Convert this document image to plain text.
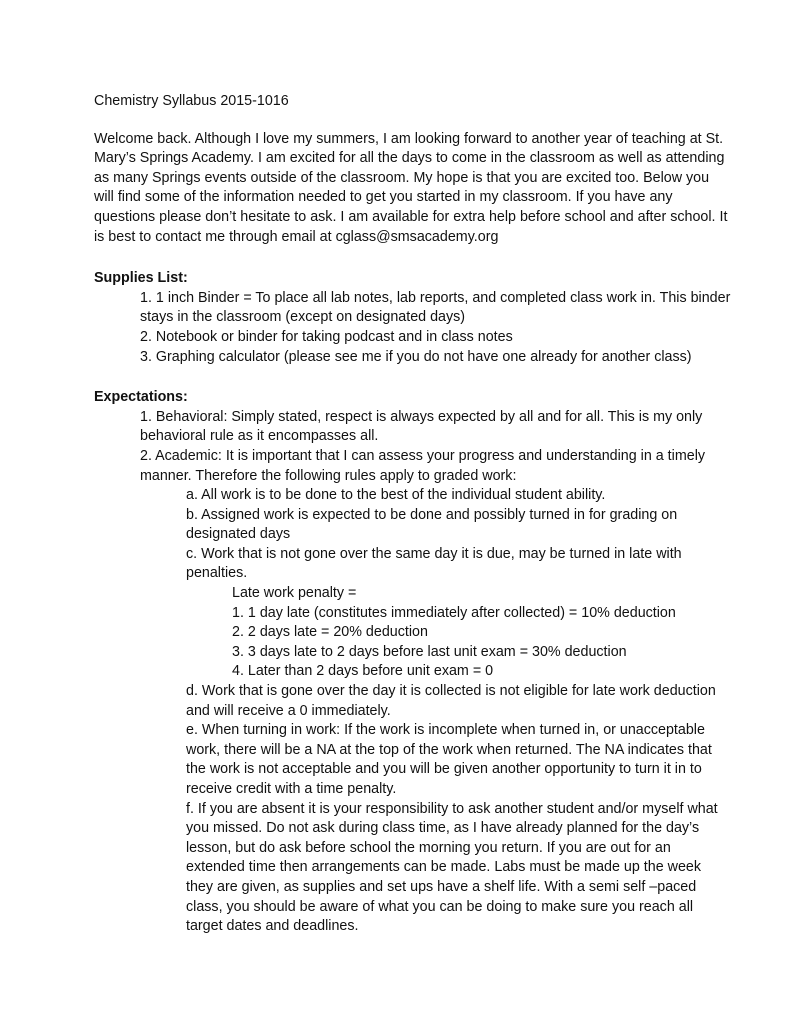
Chemistry Syllabus 2015-1016

Welcome back. Although I love my summers, I am looking forward to another year of teaching at St. Mary’s Springs Academy. I am excited for all the days to come in the classroom as well as attending as many Springs events outside of the classroom. My hope is that you are excited too. Below you will find some of the information needed to get you started in my classroom. If you have any questions please don’t hesitate to ask. I am available for extra help before school and after school. It is best to contact me through email at cglass@smsacademy.org

Supplies List:

1. 1 inch Binder = To place all lab notes, lab reports, and completed class work in. This binder stays in the classroom (except on designated days)

2. Notebook or binder for taking podcast and in class notes

3. Graphing calculator (please see me if you do not have one already for another class)

Expectations:

1. Behavioral: Simply stated, respect is always expected by all and for all. This is my only behavioral rule as it encompasses all.

2. Academic: It is important that I can assess your progress and understanding in a timely manner. Therefore the following rules apply to graded work:

a. All work is to be done to the best of the individual student ability.

b. Assigned work is expected to be done and possibly turned in for grading on designated days

c. Work that is not gone over the same day it is due, may be turned in late with penalties.

Late work penalty =

1. 1 day late (constitutes immediately after collected) = 10% deduction

2. 2 days late = 20% deduction

3. 3 days late to 2 days before last unit exam = 30% deduction

4. Later than 2 days before unit exam = 0

d. Work that is gone over the day it is collected is not eligible for late work deduction and will receive a 0 immediately.

e. When turning in work: If the work is incomplete when turned in, or unacceptable work, there will be a NA at the top of the work when returned. The NA indicates that the work is not acceptable and you will be given another opportunity to turn it in to receive credit with a time penalty.

f. If you are absent it is your responsibility to ask another student and/or myself what you missed. Do not ask during class time, as I have already planned for the day’s lesson, but do ask before school the morning you return. If you are out for an extended time then arrangements can be made. Labs must be made up the week they are given, as supplies and set ups have a shelf life. With a semi self –paced class, you should be aware of what you can be doing to make sure you reach all target dates and deadlines.
